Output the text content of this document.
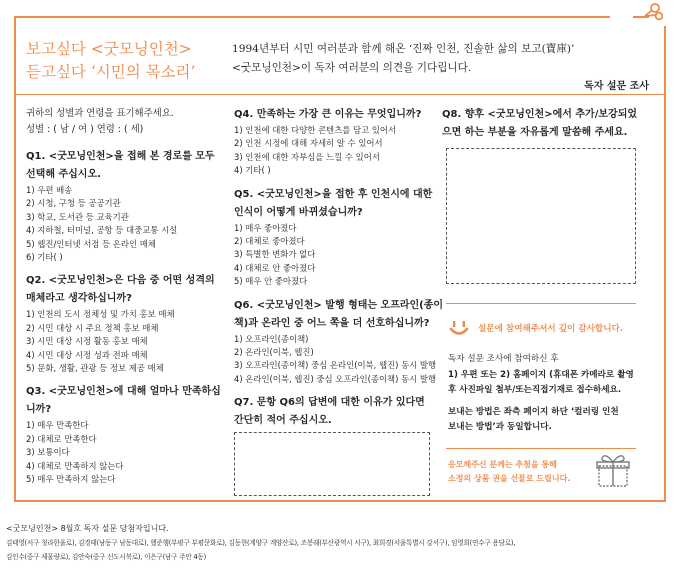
보고싶다 <굿모닝인천>
듣고싶다 ‘시민의 목소리’
1994년부터 시민 여러분과 함께 해온 ‘진짜 인천, 진솔한 삶의 보고(寶庫)’
<굿모닝인천>이 독자 여러분의 의견을 기다립니다.
독자 설문 조사

귀하의 성별과 연령을 표기해주세요.

성별 : ( 남 / 여 ) 연령 : ( 세)

Q1. <굿모닝인천>을 접해 본 경로를 모두

선택해 주십시오.

1) 우편 배송

2) 시청, 구청 등 공공기관

3) 학교, 도서관 등 교육기관

4) 지하철, 터미널, 공항 등 대중교통 시설

5) 웹진/인터넷 서점 등 온라인 매체

6) 기타( )

Q2. <굿모닝인천>은 다음 중 어떤 성격의

매체라고 생각하십니까?

1) 인천의 도시 정체성 및 가치 홍보 매체

2) 시민 대상 시 주요 정책 홍보 매체

3) 시민 대상 시정 활동 홍보 매체

4) 시민 대상 시정 성과 전파 매체

5) 문화, 생활, 관광 등 정보 제공 매체

Q3. <굿모닝인천>에 대해 얼마나 만족하십

니까?

1) 매우 만족한다

2) 대체로 만족한다

3) 보통이다

4) 대체로 만족하지 않는다

5) 매우 만족하지 않는다

Q4. 만족하는 가장 큰 이유는 무엇입니까?

1) 인천에 대한 다양한 콘텐츠를 담고 있어서

2) 인천 시정에 대해 자세히 알 수 있어서

3) 인천에 대한 자부심을 느낄 수 있어서

4) 기타( )

Q5. <굿모닝인천>을 접한 후 인천시에 대한

인식이 어떻게 바뀌셨습니까?

1) 매우 좋아졌다

2) 대체로 좋아졌다

3) 특별한 변화가 없다

4) 대체로 안 좋아졌다

5) 매우 안 좋아졌다

Q6. <굿모닝인천> 발행 형태는 오프라인(종이

책)과 온라인 중 어느 쪽을 더 선호하십니까?

1) 오프라인(종이책)

2) 온라인(이북, 웹진)

3) 오프라인(종이책) 중심 온라인(이북, 웹진) 동시 발행

4) 온라인(이북, 웹진) 중심 오프라인(종이책) 동시 발행

Q7. 문항 Q6의 답변에 대한 이유가 있다면

간단히 적어 주십시오.

Q8. 향후 <굿모닝인천>에서 추가/보강되었

으면 하는 부분을 자유롭게 말씀해 주세요.

설문에 참여해주셔서 깊이 감사합니다.

독자 설문 조사에 참여하신 후

1) 우편 또는 2) 홈페이지 (휴대폰 카메라로 촬영

후 사진파일 첨부/또는직접기재로 접수하세요.

보내는 방법은 좌측 페이지 하단 ‘컬러링 인천

보내는 방법’과 동일합니다.

응모해주신 분께는 추첨을 통해

소정의 상품 권을 선물로 드립니다.

<굿모닝인천> 8월호 독자 설문 당첨자입니다.

김태영(서구 청라한울로), 김경태(남동구 남동대로), 했준행(부평구 부평문화로), 김동현(계양구 계양산로), 조봉래(부산광역시 서구), 최희경(서울특별시 강서구), 임영희(연수구 용담로),

김인수(중구 제물량로), 김안숙(중구 신도시북로), 이은구(남구 주안 4동)
